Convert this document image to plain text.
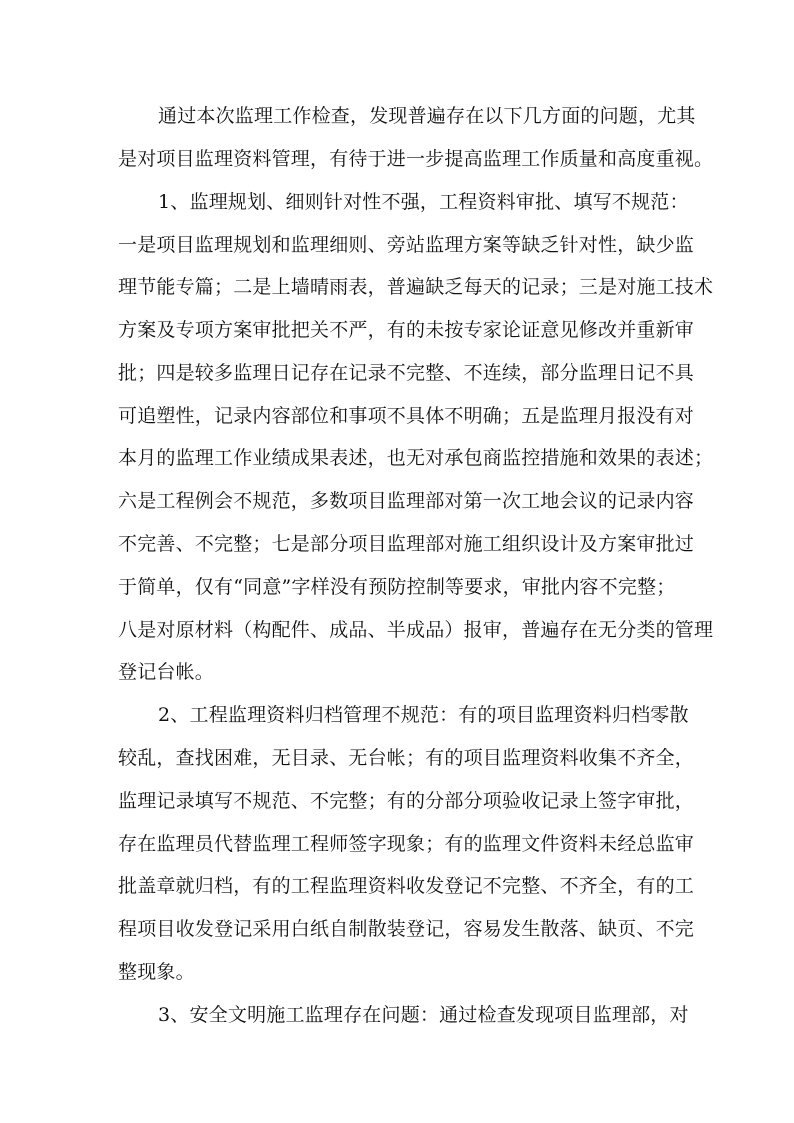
通过本次监理工作检查，发现普遍存在以下几方面的问题，尤其
是对项目监理资料管理，有待于进一步提高监理工作质量和高度重视。
1、监理规划、细则针对性不强，工程资料审批、填写不规范：
一是项目监理规划和监理细则、旁站监理方案等缺乏针对性，缺少监
理节能专篇；二是上墙晴雨表，普遍缺乏每天的记录；三是对施工技术
方案及专项方案审批把关不严，有的未按专家论证意见修改并重新审
批；四是较多监理日记存在记录不完整、不连续，部分监理日记不具
可追塑性，记录内容部位和事项不具体不明确；五是监理月报没有对
本月的监理工作业绩成果表述，也无对承包商监控措施和效果的表述；
六是工程例会不规范，多数项目监理部对第一次工地会议的记录内容
不完善、不完整；七是部分项目监理部对施工组织设计及方案审批过
于简单，仅有“同意”字样没有预防控制等要求，审批内容不完整；
八是对原材料（构配件、成品、半成品）报审，普遍存在无分类的管理
登记台帐。
2、工程监理资料归档管理不规范：有的项目监理资料归档零散
较乱，查找困难，无目录、无台帐；有的项目监理资料收集不齐全，
监理记录填写不规范、不完整；有的分部分项验收记录上签字审批，
存在监理员代替监理工程师签字现象；有的监理文件资料未经总监审
批盖章就归档，有的工程监理资料收发登记不完整、不齐全，有的工
程项目收发登记采用白纸自制散装登记，容易发生散落、缺页、不完
整现象。
3、安全文明施工监理存在问题：通过检查发现项目监理部，对
